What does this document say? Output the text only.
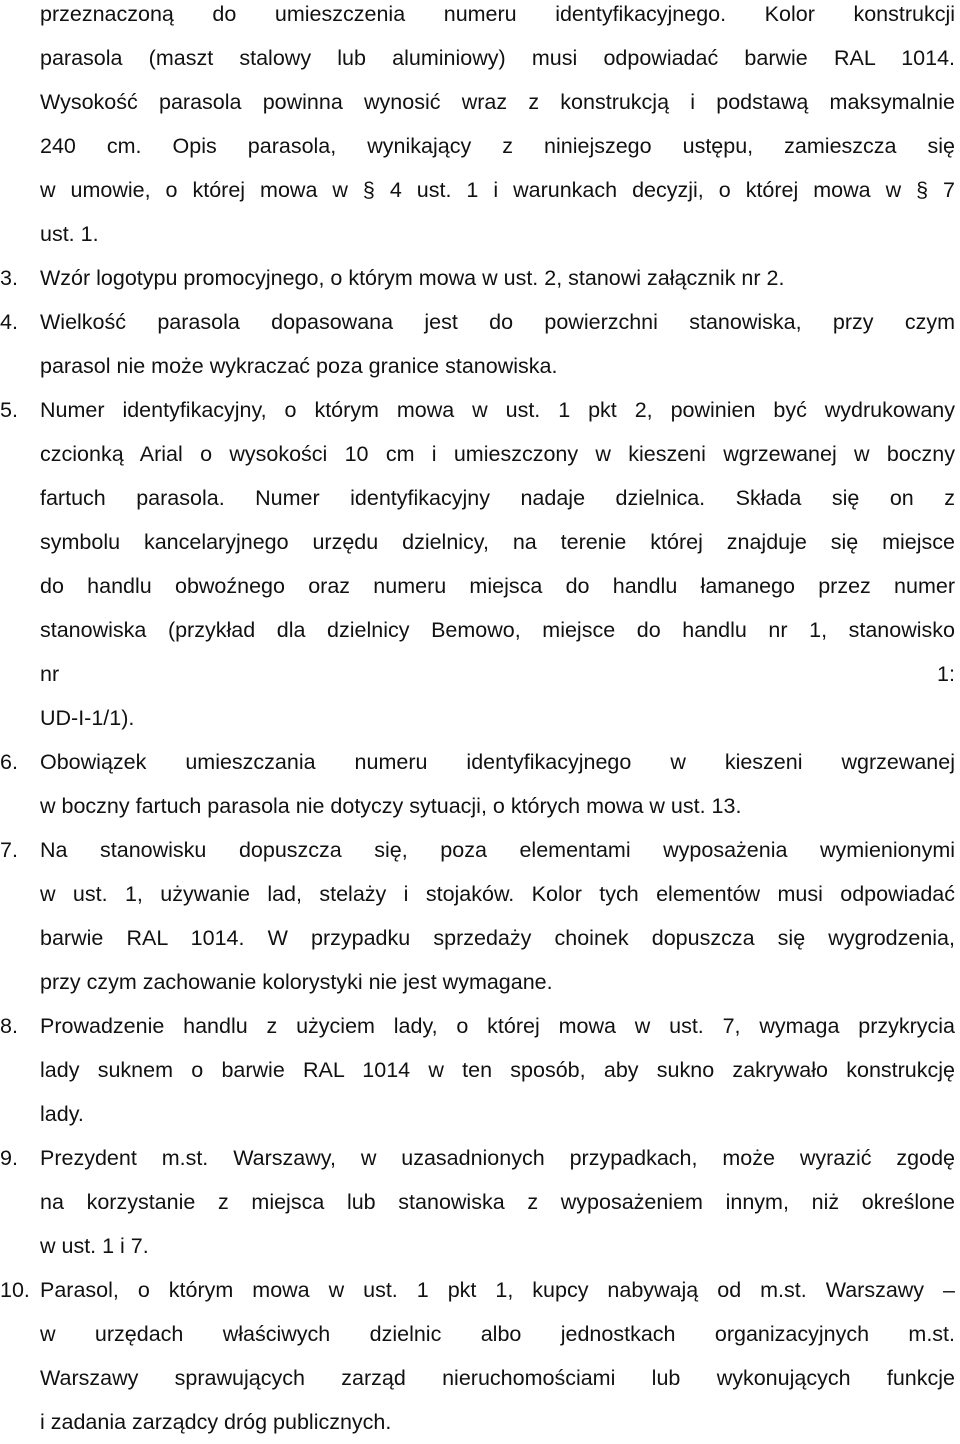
przeznaczoną do umieszczenia numeru identyfikacyjnego. Kolor konstrukcji
parasola (maszt stalowy lub aluminiowy) musi odpowiadać barwie RAL 1014.
Wysokość parasola powinna wynosić wraz z konstrukcją i podstawą maksymalnie
240 cm. Opis parasola, wynikający z niniejszego ustępu, zamieszcza się
w umowie, o której mowa w § 4 ust. 1 i warunkach decyzji, o której mowa w § 7
ust. 1.
3.	Wzór logotypu promocyjnego, o którym mowa w ust. 2, stanowi załącznik nr 2.
4.	Wielkość parasola dopasowana jest do powierzchni stanowiska, przy czym
parasol nie może wykraczać poza granice stanowiska.
5.	Numer identyfikacyjny, o którym mowa w ust. 1 pkt 2, powinien być wydrukowany
czcionką Arial o wysokości 10 cm i umieszczony w kieszeni wgrzewanej w boczny
fartuch parasola. Numer identyfikacyjny nadaje dzielnica. Składa się on z
symbolu kancelaryjnego urzędu dzielnicy, na terenie której znajduje się miejsce
do handlu obwoźnego oraz numeru miejsca do handlu łamanego przez numer
stanowiska (przykład dla dzielnicy Bemowo, miejsce do handlu nr 1, stanowisko
nr 1:
UD-I-1/1).
6.	Obowiązek umieszczania numeru identyfikacyjnego w kieszeni wgrzewanej
w boczny fartuch parasola nie dotyczy sytuacji, o których mowa w ust. 13.
7.	Na stanowisku dopuszcza się, poza elementami wyposażenia wymienionymi
w ust. 1, używanie lad, stelaży i stojaków. Kolor tych elementów musi odpowiadać
barwie RAL 1014. W przypadku sprzedaży choinek dopuszcza się wygrodzenia,
przy czym zachowanie kolorystyki nie jest wymagane.
8.	Prowadzenie handlu z użyciem lady, o której mowa w ust. 7, wymaga przykrycia
lady suknem o barwie RAL 1014 w ten sposób, aby sukno zakrywało konstrukcję
lady.
9.	Prezydent m.st. Warszawy, w uzasadnionych przypadkach, może wyrazić zgodę
na korzystanie z miejsca lub stanowiska z wyposażeniem innym, niż określone
w ust. 1 i 7.
10. Parasol, o którym mowa w ust. 1 pkt 1, kupcy nabywają od m.st. Warszawy –
w urzędach właściwych dzielnic albo jednostkach organizacyjnych m.st.
Warszawy sprawujących zarząd nieruchomościami lub wykonujących funkcje
i zadania zarządcy dróg publicznych.
